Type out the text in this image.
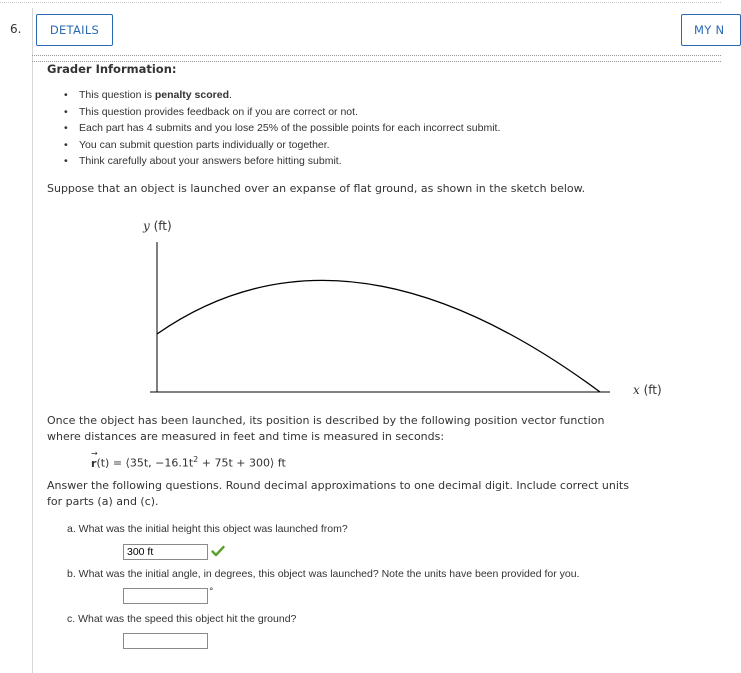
6.	DETAILS	MY N
Grader Information:
• This question is penalty scored.
• This question provides feedback on if you are correct or not.
• Each part has 4 submits and you lose 25% of the possible points for each incorrect submit.
• You can submit question parts individually or together.
• Think carefully about your answers before hitting submit.
Suppose that an object is launched over an expanse of flat ground, as shown in the sketch below.
y (ft)
x (ft)
Once the object has been launched, its position is described by the following position vector function
where distances are measured in feet and time is measured in seconds:
→
r(t) = ⟨35t, $-16.1t^2 + 75t$ + 300⟩ ft
Answer the following questions. Round decimal approximations to one decimal digit. Include correct units
for parts (a) and (c).
a. What was the initial height this object was launched from?
300 ft
b. What was the initial angle, in degrees, this object was launched? Note the units have been provided for you.
°
c. What was the speed this object hit the ground?
